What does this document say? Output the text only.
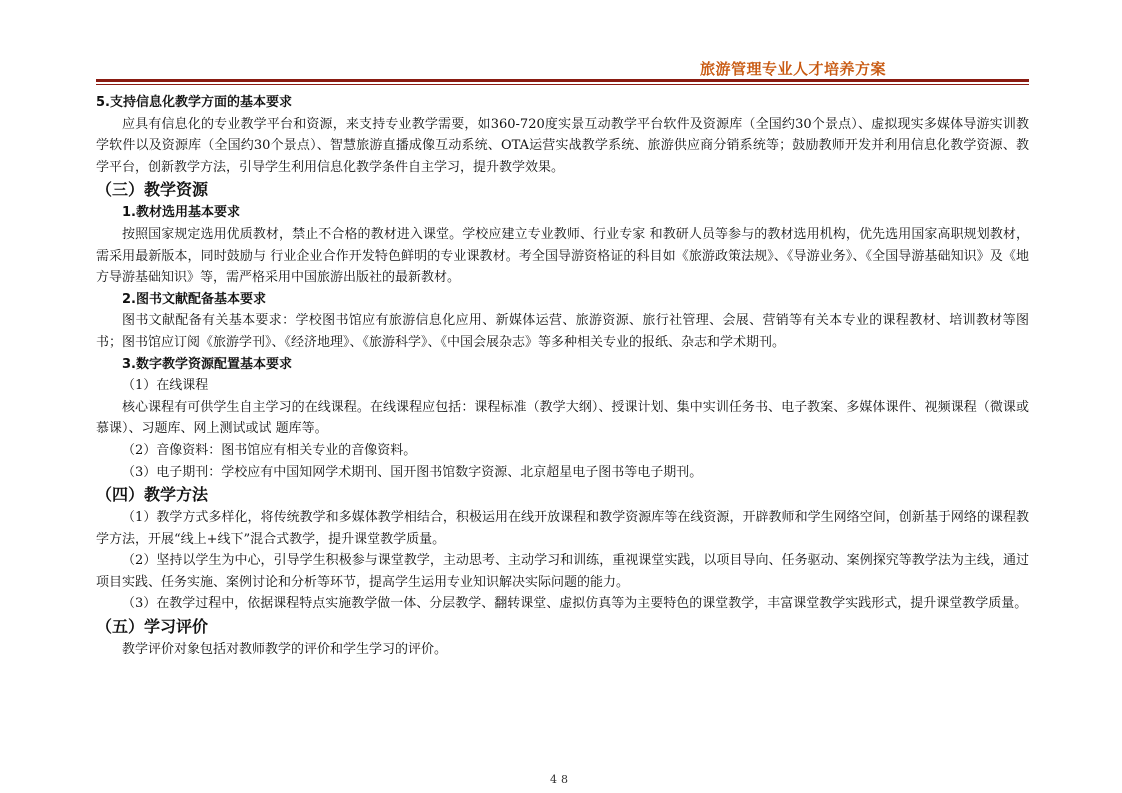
旅游管理专业人才培养方案

5.支持信息化教学方面的基本要求

应具有信息化的专业教学平台和资源，来支持专业教学需要，如360-720度实景互动教学平台软件及资源库（全国约30个景点）、虚拟现实多媒体导游实训教学软件以及资源库（全国约30个景点）、智慧旅游直播成像互动系统、OTA运营实战教学系统、旅游供应商分销系统等；鼓励教师开发并利用信息化教学资源、教学平台，创新教学方法，引导学生利用信息化教学条件自主学习，提升教学效果。

（三）教学资源

1.教材选用基本要求

按照国家规定选用优质教材，禁止不合格的教材进入课堂。学校应建立专业教师、行业专家 和教研人员等参与的教材选用机构，优先选用国家高职规划教材，需采用最新版本，同时鼓励与 行业企业合作开发特色鲜明的专业课教材。考全国导游资格证的科目如《旅游政策法规》、《导游业务》、《全国导游基础知识》及《地方导游基础知识》等，需严格采用中国旅游出版社的最新教材。

2.图书文献配备基本要求

图书文献配备有关基本要求：学校图书馆应有旅游信息化应用、新媒体运营、旅游资源、旅行社管理、会展、营销等有关本专业的课程教材、培训教材等图书；图书馆应订阅《旅游学刊》、《经济地理》、《旅游科学》、《中国会展杂志》等多种相关专业的报纸、杂志和学术期刊。

3.数字教学资源配置基本要求

（1）在线课程

核心课程有可供学生自主学习的在线课程。在线课程应包括：课程标准（教学大纲）、授课计划、集中实训任务书、电子教案、多媒体课件、视频课程（微课或慕课）、习题库、网上测试或试 题库等。

（2）音像资料：图书馆应有相关专业的音像资料。

（3）电子期刊：学校应有中国知网学术期刊、国开图书馆数字资源、北京超星电子图书等电子期刊。

（四）教学方法

（1）教学方式多样化，将传统教学和多媒体教学相结合，积极运用在线开放课程和教学资源库等在线资源，开辟教师和学生网络空间，创新基于网络的课程教学方法，开展“线上+线下”混合式教学，提升课堂教学质量。

（2）坚持以学生为中心，引导学生积极参与课堂教学，主动思考、主动学习和训练，重视课堂实践，以项目导向、任务驱动、案例探究等教学法为主线，通过项目实践、任务实施、案例讨论和分析等环节，提高学生运用专业知识解决实际问题的能力。

（3）在教学过程中，依据课程特点实施教学做一体、分层教学、翻转课堂、虚拟仿真等为主要特色的课堂教学，丰富课堂教学实践形式，提升课堂教学质量。

（五）学习评价

教学评价对象包括对教师教学的评价和学生学习的评价。

48
